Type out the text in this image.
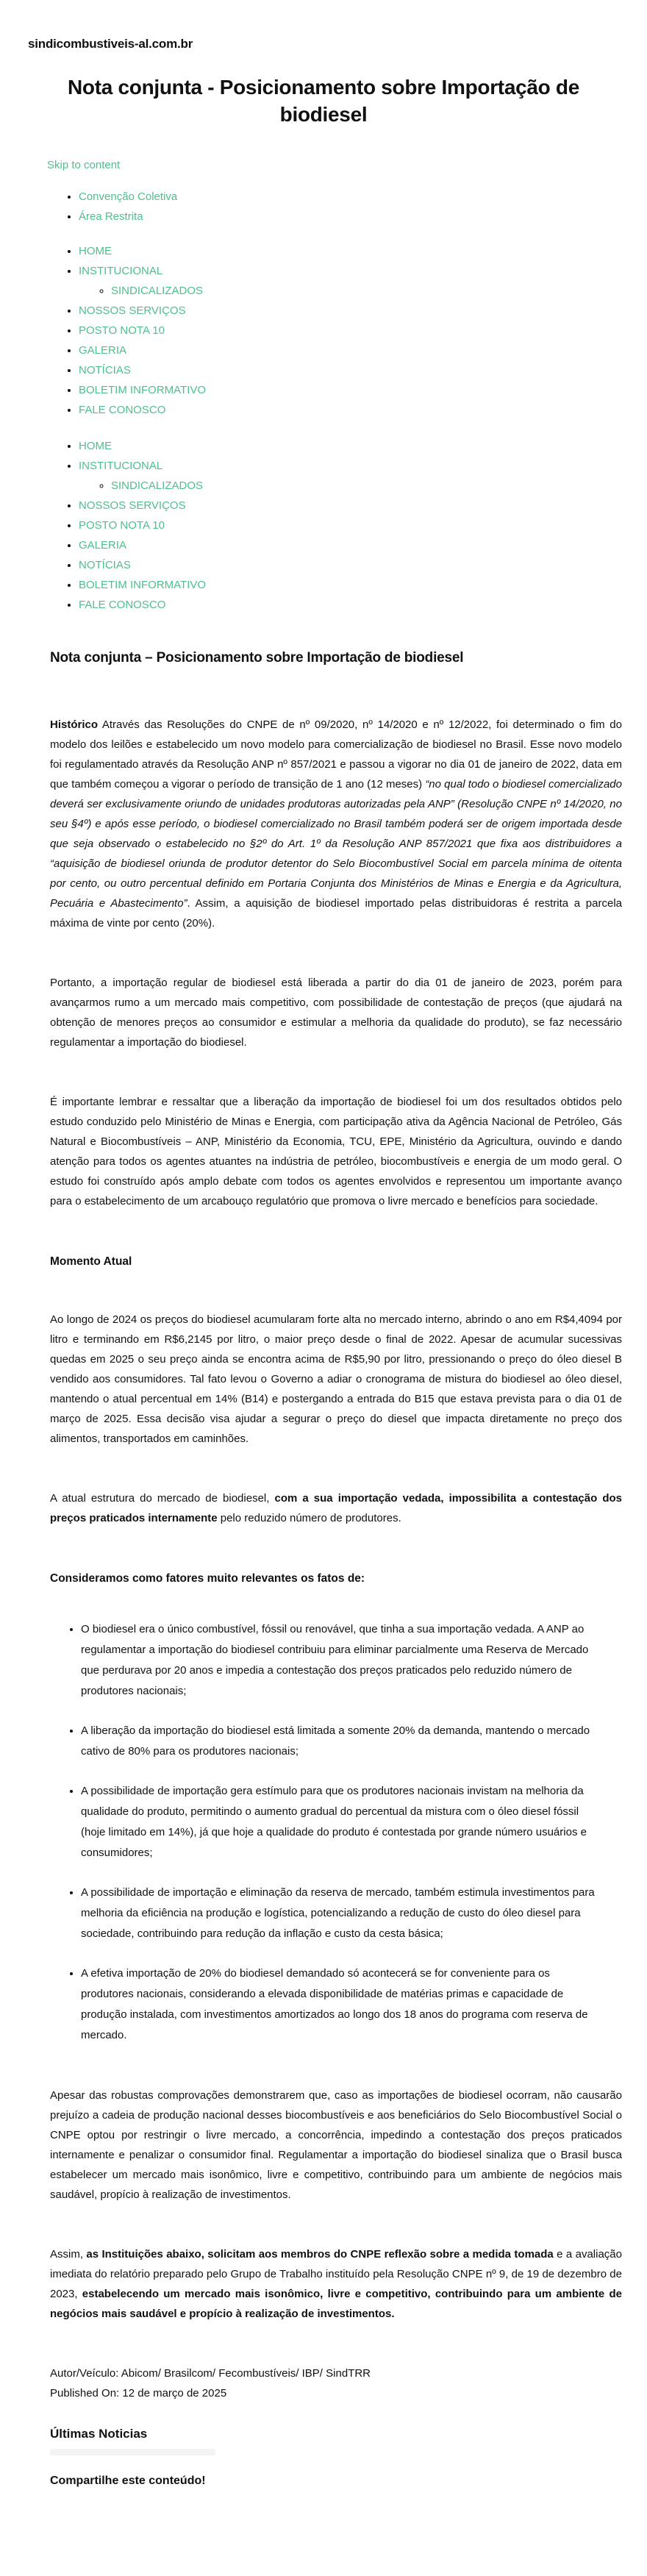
sindicombustiveis-al.com.br
Nota conjunta - Posicionamento sobre Importação de biodiesel
Skip to content
• Convenção Coletiva
• Área Restrita
• HOME
• INSTITUCIONAL
◦ SINDICALIZADOS
• NOSSOS SERVIÇOS
• POSTO NOTA 10
• GALERIA
• NOTÍCIAS
• BOLETIM INFORMATIVO
• FALE CONOSCO
• HOME
• INSTITUCIONAL
◦ SINDICALIZADOS
• NOSSOS SERVIÇOS
• POSTO NOTA 10
• GALERIA
• NOTÍCIAS
• BOLETIM INFORMATIVO
• FALE CONOSCO
Nota conjunta – Posicionamento sobre Importação de biodiesel

Histórico Através das Resoluções do CNPE de nº 09/2020, nº 14/2020 e nº 12/2022, foi determinado o fim do modelo dos leilões e estabelecido um novo modelo para comercialização de biodiesel no Brasil. Esse novo modelo foi regulamentado através da Resolução ANP nº 857/2021 e passou a vigorar no dia 01 de janeiro de 2022, data em que também começou a vigorar o período de transição de 1 ano (12 meses) “no qual todo o biodiesel comercializado deverá ser exclusivamente oriundo de unidades produtoras autorizadas pela ANP” (Resolução CNPE nº 14/2020, no seu §4º) e após esse período, o biodiesel comercializado no Brasil também poderá ser de origem importada desde que seja observado o estabelecido no §2º do Art. 1º da Resolução ANP 857/2021 que fixa aos distribuidores a “aquisição de biodiesel oriunda de produtor detentor do Selo Biocombustível Social em parcela mínima de oitenta por cento, ou outro percentual definido em Portaria Conjunta dos Ministérios de Minas e Energia e da Agricultura, Pecuária e Abastecimento”. Assim, a aquisição de biodiesel importado pelas distribuidoras é restrita a parcela máxima de vinte por cento (20%).

Portanto, a importação regular de biodiesel está liberada a partir do dia 01 de janeiro de 2023, porém para avançarmos rumo a um mercado mais competitivo, com possibilidade de contestação de preços (que ajudará na obtenção de menores preços ao consumidor e estimular a melhoria da qualidade do produto), se faz necessário regulamentar a importação do biodiesel.

É importante lembrar e ressaltar que a liberação da importação de biodiesel foi um dos resultados obtidos pelo estudo conduzido pelo Ministério de Minas e Energia, com participação ativa da Agência Nacional de Petróleo, Gás Natural e Biocombustíveis – ANP, Ministério da Economia, TCU, EPE, Ministério da Agricultura, ouvindo e dando atenção para todos os agentes atuantes na indústria de petróleo, biocombustíveis e energia de um modo geral. O estudo foi construído após amplo debate com todos os agentes envolvidos e representou um importante avanço para o estabelecimento de um arcabouço regulatório que promova o livre mercado e benefícios para sociedade.

Momento Atual

Ao longo de 2024 os preços do biodiesel acumularam forte alta no mercado interno, abrindo o ano em R$4,4094 por litro e terminando em R$6,2145 por litro, o maior preço desde o final de 2022. Apesar de acumular sucessivas quedas em 2025 o seu preço ainda se encontra acima de R$5,90 por litro, pressionando o preço do óleo diesel B vendido aos consumidores. Tal fato levou o Governo a adiar o cronograma de mistura do biodiesel ao óleo diesel, mantendo o atual percentual em 14% (B14) e postergando a entrada do B15 que estava prevista para o dia 01 de março de 2025. Essa decisão visa ajudar a segurar o preço do diesel que impacta diretamente no preço dos alimentos, transportados em caminhões.

A atual estrutura do mercado de biodiesel, com a sua importação vedada, impossibilita a contestação dos preços praticados internamente pelo reduzido número de produtores.

Consideramos como fatores muito relevantes os fatos de:
• O biodiesel era o único combustível, fóssil ou renovável, que tinha a sua importação vedada. A ANP ao regulamentar a importação do biodiesel contribuiu para eliminar parcialmente uma Reserva de Mercado que perdurava por 20 anos e impedia a contestação dos preços praticados pelo reduzido número de produtores nacionais;
• A liberação da importação do biodiesel está limitada a somente 20% da demanda, mantendo o mercado cativo de 80% para os produtores nacionais;
• A possibilidade de importação gera estímulo para que os produtores nacionais invistam na melhoria da qualidade do produto, permitindo o aumento gradual do percentual da mistura com o óleo diesel fóssil (hoje limitado em 14%), já que hoje a qualidade do produto é contestada por grande número usuários e consumidores;
• A possibilidade de importação e eliminação da reserva de mercado, também estimula investimentos para melhoria da eficiência na produção e logística, potencializando a redução de custo do óleo diesel para sociedade, contribuindo para redução da inflação e custo da cesta básica;
• A efetiva importação de 20% do biodiesel demandado só acontecerá se for conveniente para os produtores nacionais, considerando a elevada disponibilidade de matérias primas e capacidade de produção instalada, com investimentos amortizados ao longo dos 18 anos do programa com reserva de mercado.

Apesar das robustas comprovações demonstrarem que, caso as importações de biodiesel ocorram, não causarão prejuízo a cadeia de produção nacional desses biocombustíveis e aos beneficiários do Selo Biocombustível Social o CNPE optou por restringir o livre mercado, a concorrência, impedindo a contestação dos preços praticados internamente e penalizar o consumidor final. Regulamentar a importação do biodiesel sinaliza que o Brasil busca estabelecer um mercado mais isonômico, livre e competitivo, contribuindo para um ambiente de negócios mais saudável, propício à realização de investimentos.

Assim, as Instituições abaixo, solicitam aos membros do CNPE reflexão sobre a medida tomada e a avaliação imediata do relatório preparado pelo Grupo de Trabalho instituído pela Resolução CNPE nº 9, de 19 de dezembro de 2023, estabelecendo um mercado mais isonômico, livre e competitivo, contribuindo para um ambiente de negócios mais saudável e propício à realização de investimentos.

Autor/Veículo: Abicom/ Brasilcom/ Fecombustíveis/ IBP/ SindTRR
Published On: 12 de março de 2025
Últimas Noticias
Compartilhe este conteúdo!
